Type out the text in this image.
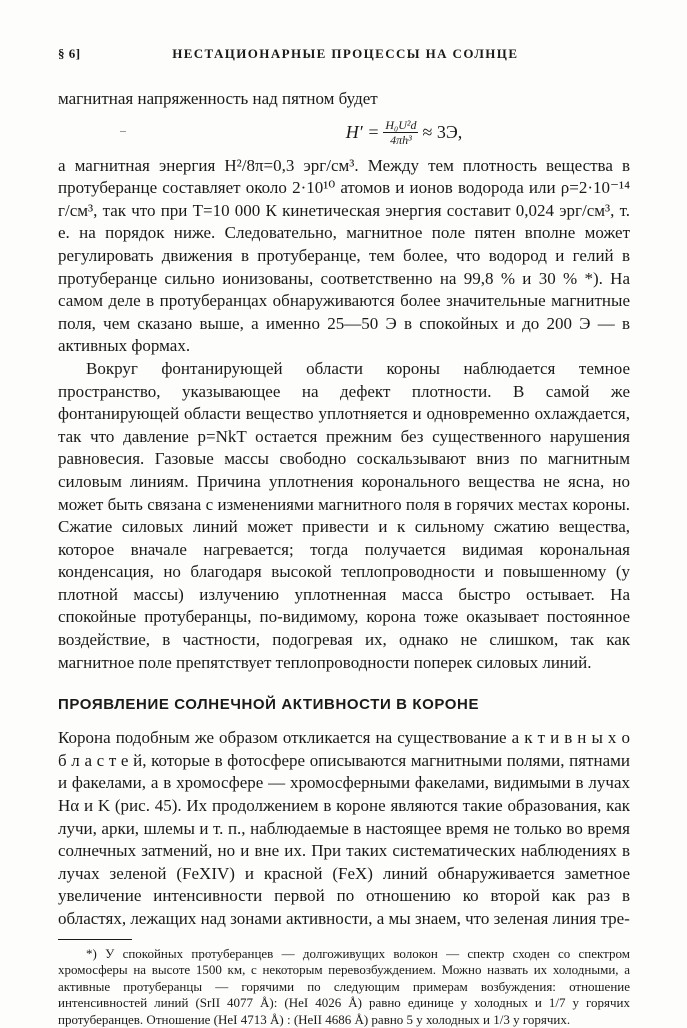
§ 6]	НЕСТАЦИОНАРНЫЕ ПРОЦЕССЫ НА СОЛНЦЕ

магнитная напряженность над пятном будет

$H' = \frac{\text{H₀U²d}}{\text{4πh³}} \approx 3Э$,

а магнитная энергия H²/8π=0,3 эрг/см³. Между тем плотность вещества в протуберанце составляет около 2·10¹⁰ атомов и ионов водорода или ρ=2·10⁻¹⁴ г/см³, так что при T=10 000 К кинетическая энергия составит 0,024 эрг/см³, т. е. на порядок ниже. Следовательно, магнитное поле пятен вполне может регулировать движения в протуберанце, тем более, что водород и гелий в протуберанце сильно ионизованы, соответственно на 99,8 % и 30 % *). На самом деле в протуберанцах обнаруживаются более значительные магнитные поля, чем сказано выше, а именно 25—50 Э в спокойных и до 200 Э — в активных формах.

Вокруг фонтанирующей области короны наблюдается темное пространство, указывающее на дефект плотности. В самой же фонтанирующей области вещество уплотняется и одновременно охлаждается, так что давление p=NkT остается прежним без существенного нарушения равновесия. Газовые массы свободно соскальзывают вниз по магнитным силовым линиям. Причина уплотнения коронального вещества не ясна, но может быть связана с изменениями магнитного поля в горячих местах короны. Сжатие силовых линий может привести и к сильному сжатию вещества, которое вначале нагревается; тогда получается видимая корональная конденсация, но благодаря высокой теплопроводности и повышенному (у плотной массы) излучению уплотненная масса быстро остывает. На спокойные протуберанцы, по-видимому, корона тоже оказывает постоянное воздействие, в частности, подогревая их, однако не слишком, так как магнитное поле препятствует теплопроводности поперек силовых линий.

ПРОЯВЛЕНИЕ СОЛНЕЧНОЙ АКТИВНОСТИ В КОРОНЕ

Корона подобным же образом откликается на существование а к т и в н ы х о б л а с т е й, которые в фотосфере описываются магнитными полями, пятнами и факелами, а в хромосфере — хромосферными факелами, видимыми в лучах Hα и K (рис. 45). Их продолжением в короне являются такие образования, как лучи, арки, шлемы и т. п., наблюдаемые в настоящее время не только во время солнечных затмений, но и вне их. При таких систематических наблюдениях в лучах зеленой (FeXIV) и красной (FeX) линий обнаруживается заметное увеличение интенсивности первой по отношению ко второй как раз в областях, лежащих над зонами активности, а мы знаем, что зеленая линия тре-

*) У спокойных протуберанцев — долгоживущих волокон — спектр сходен со спектром хромосферы на высоте 1500 км, с некоторым перевозбуждением. Можно назвать их холодными, а активные протуберанцы — горячими по следующим примерам возбуждения: отношение интенсивностей линий (SrII 4077 Å): (HeI 4026 Å) равно единице у холодных и 1/7 у горячих протуберанцев. Отношение (HeI 4713 Å) : (HeII 4686 Å) равно 5 у холодных и 1/3 у горячих.
